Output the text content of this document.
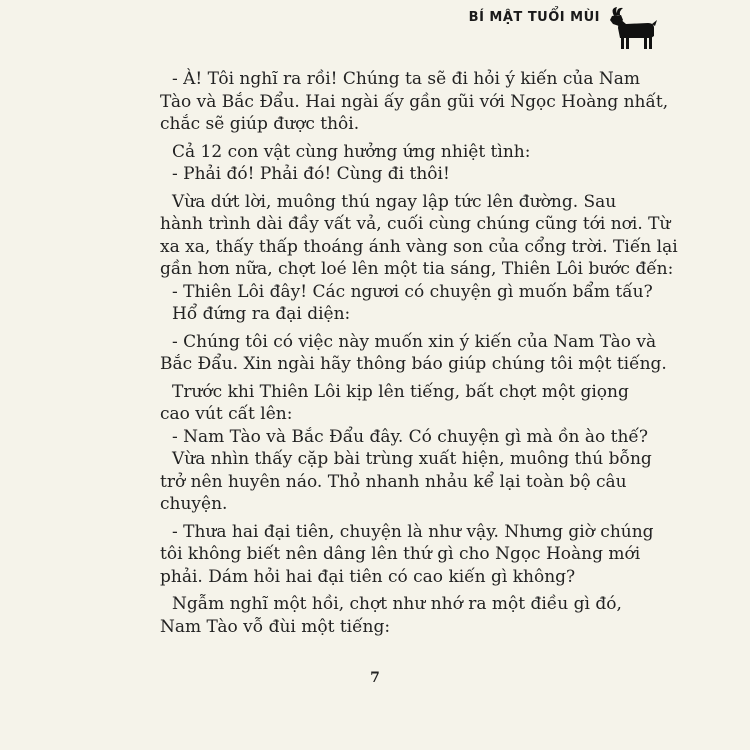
BÍ MẬT TUỔI MÙI
- À! Tôi nghĩ ra rồi! Chúng ta sẽ đi hỏi ý kiến của Nam
Tào và Bắc Đẩu. Hai ngài ấy gần gũi với Ngọc Hoàng nhất,
chắc sẽ giúp được thôi.
Cả 12 con vật cùng hưởng ứng nhiệt tình:
- Phải đó! Phải đó! Cùng đi thôi!
Vừa dứt lời, muông thú ngay lập tức lên đường. Sau
hành trình dài đầy vất vả, cuối cùng chúng cũng tới nơi. Từ
xa xa, thấy thấp thoáng ánh vàng son của cổng trời. Tiến lại
gần hơn nữa, chợt loé lên một tia sáng, Thiên Lôi bước đến:
- Thiên Lôi đây! Các ngươi có chuyện gì muốn bẩm tấu?
Hổ đứng ra đại diện:
- Chúng tôi có việc này muốn xin ý kiến của Nam Tào và
Bắc Đẩu. Xin ngài hãy thông báo giúp chúng tôi một tiếng.
Trước khi Thiên Lôi kịp lên tiếng, bất chợt một giọng
cao vút cất lên:
- Nam Tào và Bắc Đẩu đây. Có chuyện gì mà ồn ào thế?
Vừa nhìn thấy cặp bài trùng xuất hiện, muông thú bỗng
trở nên huyên náo. Thỏ nhanh nhảu kể lại toàn bộ câu
chuyện.
- Thưa hai đại tiên, chuyện là như vậy. Nhưng giờ chúng
tôi không biết nên dâng lên thứ gì cho Ngọc Hoàng mới
phải. Dám hỏi hai đại tiên có cao kiến gì không?
Ngẫm nghĩ một hồi, chợt như nhớ ra một điều gì đó,
Nam Tào vỗ đùi một tiếng:
7
